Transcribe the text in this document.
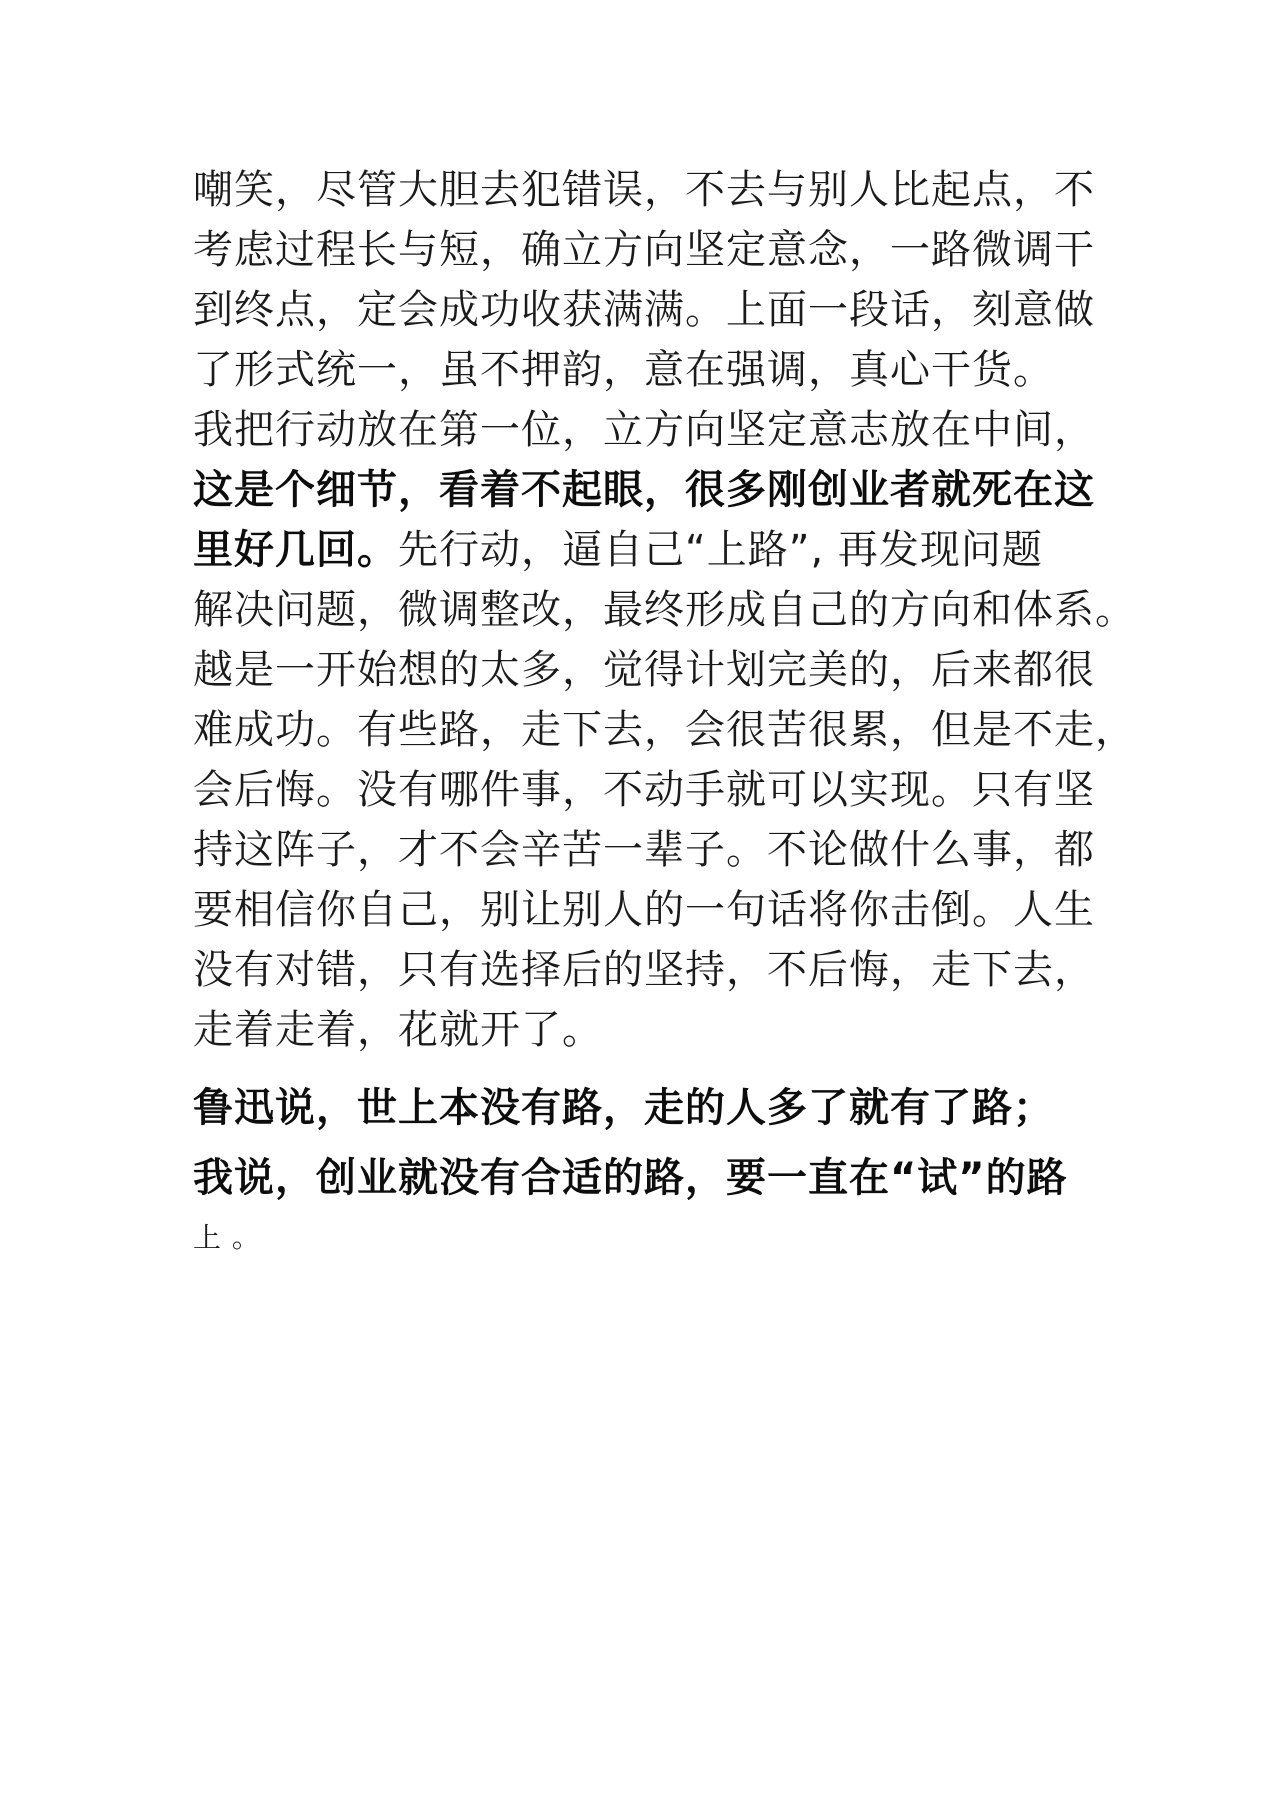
嘲笑，尽管大胆去犯错误，不去与别人比起点，不
考虑过程长与短，确立方向坚定意念，一路微调干
到终点，定会成功收获满满。上面一段话，刻意做
了形式统一，虽不押韵，意在强调，真心干货。
我把行动放在第一位，立方向坚定意志放在中间，
这是个细节，看着不起眼，很多刚创业者就死在这
里好几回。先行动，逼自己“上路”, 再发现问题
解决问题，微调整改，最终形成自己的方向和体系。
越是一开始想的太多，觉得计划完美的，后来都很
难成功。有些路，走下去，会很苦很累，但是不走，
会后悔。没有哪件事，不动手就可以实现。只有坚
持这阵子，才不会辛苦一辈子。不论做什么事，都
要相信你自己，别让别人的一句话将你击倒。人生
没有对错，只有选择后的坚持，不后悔，走下去，
走着走着，花就开了。
鲁迅说，世上本没有路，走的人多了就有了路；
我说，创业就没有合适的路，要一直在“试”的路
上 。
